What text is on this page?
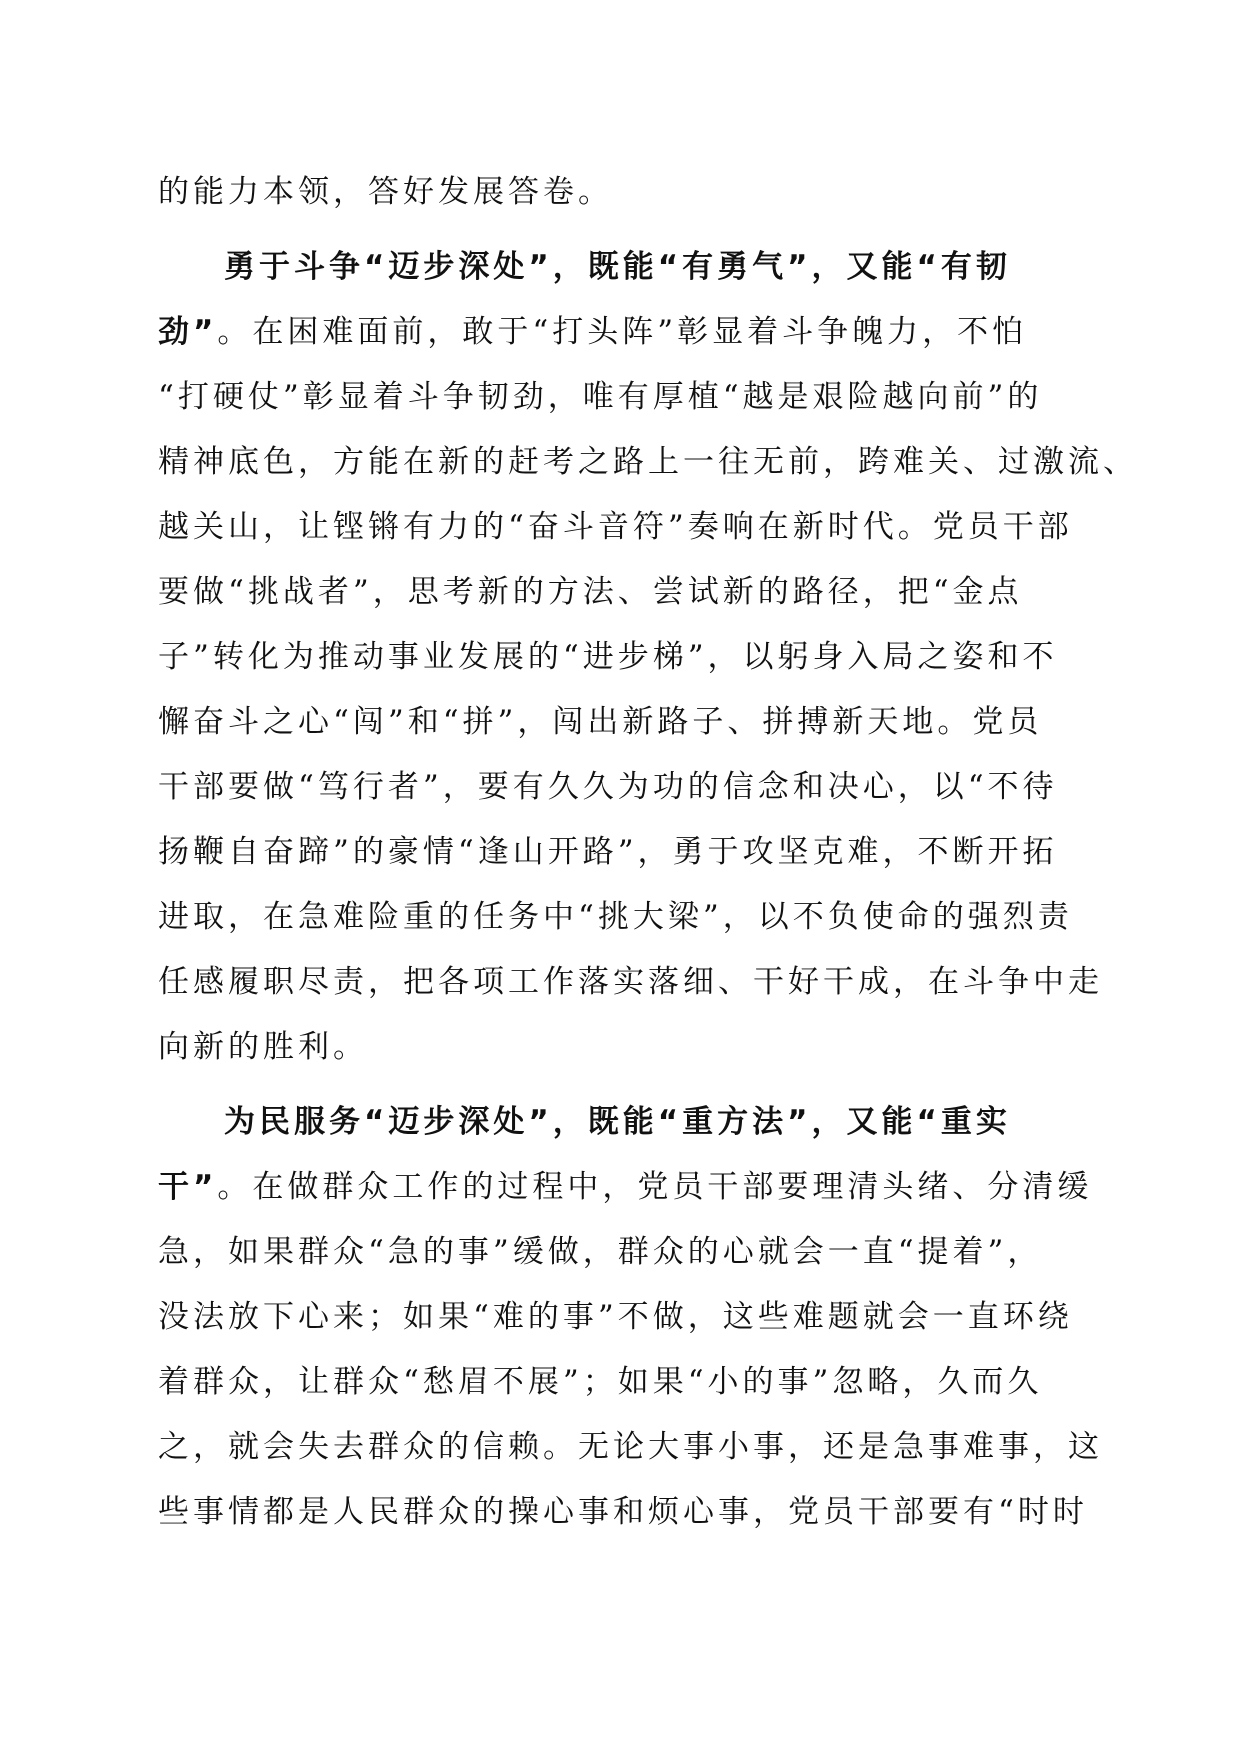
的能力本领，答好发展答卷。
勇于斗争“迈步深处”，既能“有勇气”，又能“有韧
劲”。在困难面前，敢于“打头阵”彰显着斗争魄力，不怕
“打硬仗”彰显着斗争韧劲，唯有厚植“越是艰险越向前”的
精神底色，方能在新的赶考之路上一往无前，跨难关、过激流、
越关山，让铿锵有力的“奋斗音符”奏响在新时代。党员干部
要做“挑战者”，思考新的方法、尝试新的路径，把“金点
子”转化为推动事业发展的“进步梯”，以躬身入局之姿和不
懈奋斗之心“闯”和“拼”，闯出新路子、拼搏新天地。党员
干部要做“笃行者”，要有久久为功的信念和决心，以“不待
扬鞭自奋蹄”的豪情“逢山开路”，勇于攻坚克难，不断开拓
进取，在急难险重的任务中“挑大梁”，以不负使命的强烈责
任感履职尽责，把各项工作落实落细、干好干成，在斗争中走
向新的胜利。
为民服务“迈步深处”，既能“重方法”，又能“重实
干”。在做群众工作的过程中，党员干部要理清头绪、分清缓
急，如果群众“急的事”缓做，群众的心就会一直“提着”，
没法放下心来；如果“难的事”不做，这些难题就会一直环绕
着群众，让群众“愁眉不展”；如果“小的事”忽略，久而久
之，就会失去群众的信赖。无论大事小事，还是急事难事，这
些事情都是人民群众的操心事和烦心事，党员干部要有“时时
